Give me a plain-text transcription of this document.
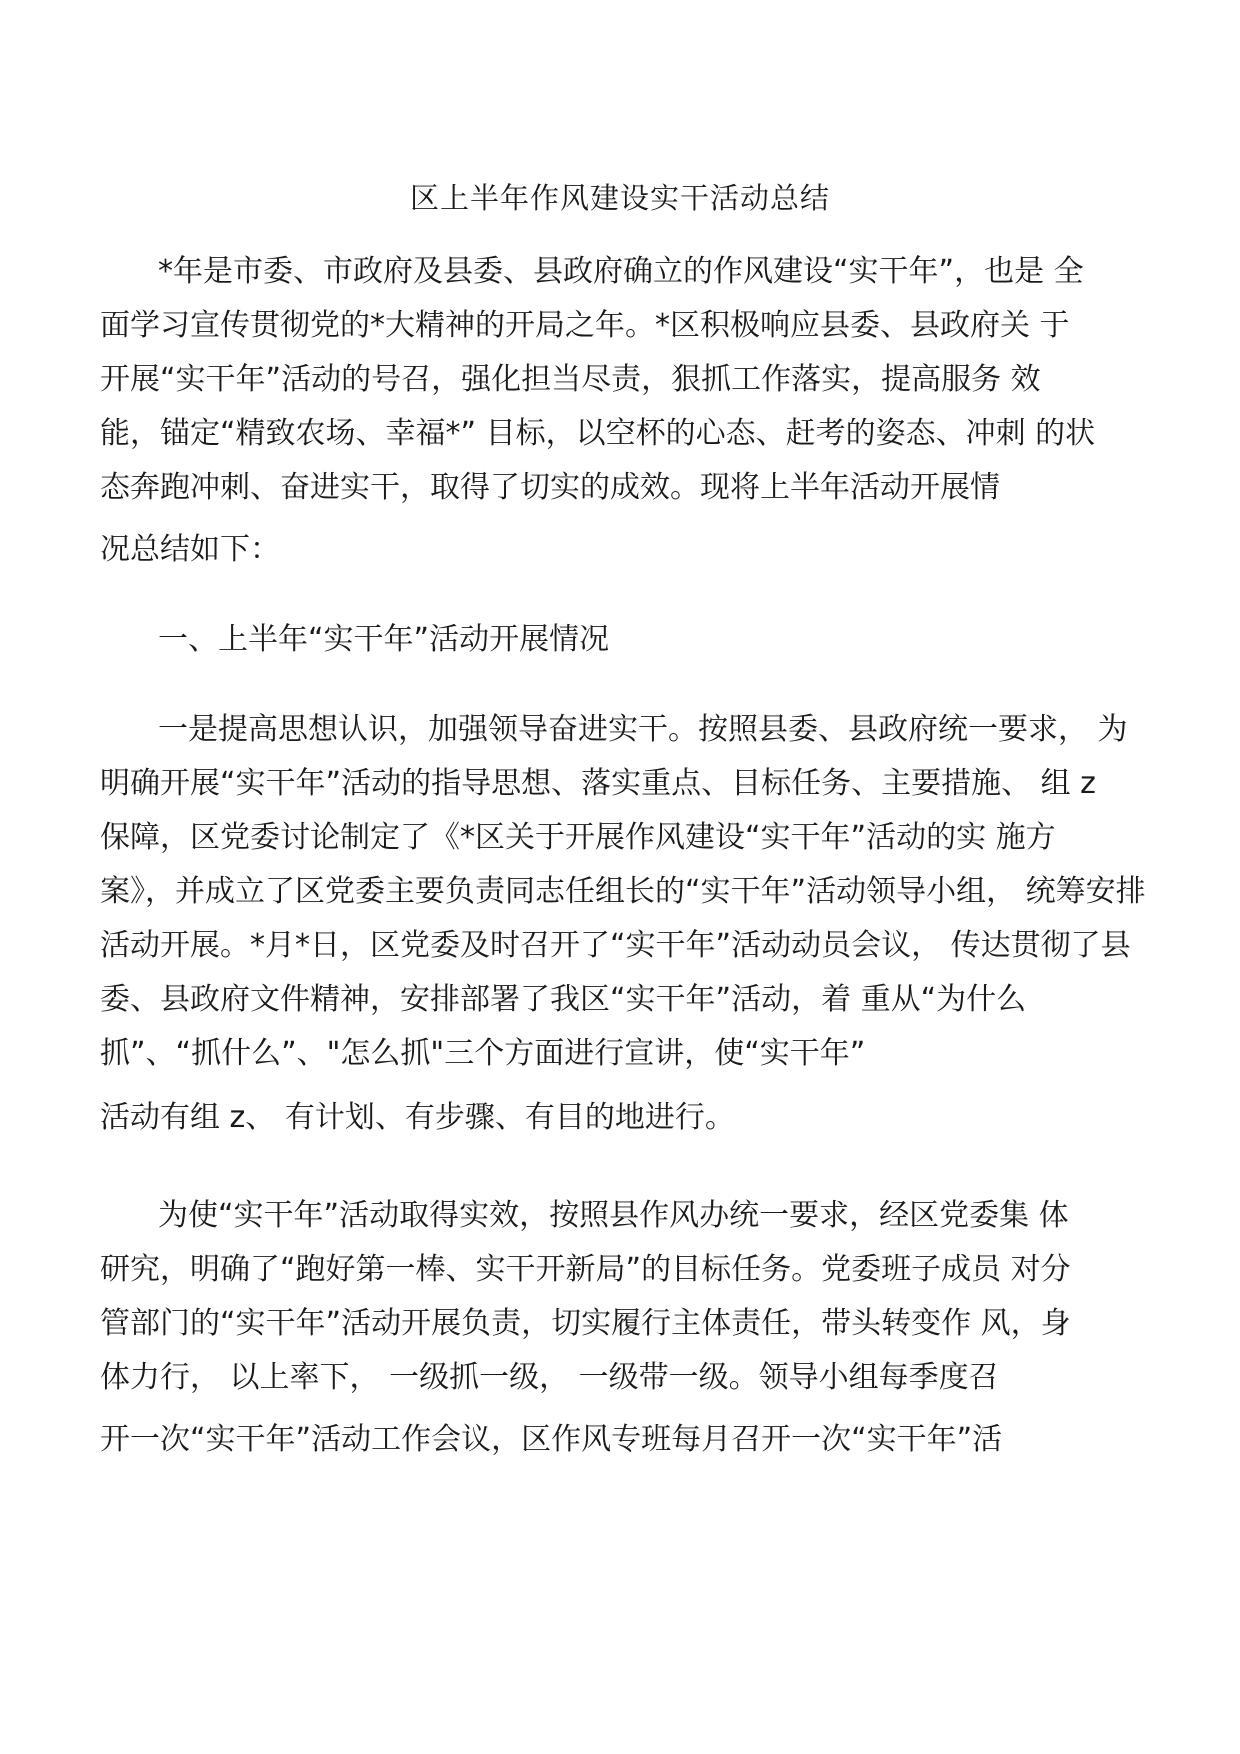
区上半年作风建设实干活动总结
*年是市委、市政府及县委、县政府确立的作风建设“实干年”，也是 全
面学习宣传贯彻党的*大精神的开局之年。*区积极响应县委、县政府关 于
开展“实干年”活动的号召，强化担当尽责，狠抓工作落实，提高服务 效
能，锚定“精致农场、幸福*” 目标，以空杯的心态、赶考的姿态、冲刺 的状
态奔跑冲刺、奋进实干，取得了切实的成效。现将上半年活动开展情
况总结如下：
一、上半年“实干年”活动开展情况
一是提高思想认识，加强领导奋进实干。按照县委、县政府统一要求， 为
明确开展“实干年”活动的指导思想、落实重点、目标任务、主要措施、 组 z
保障，区党委讨论制定了《*区关于开展作风建设“实干年”活动的实 施方
案》，并成立了区党委主要负责同志任组长的“实干年”活动领导小组， 统筹安排
活动开展。*月*日，区党委及时召开了“实干年”活动动员会议， 传达贯彻了县
委、县政府文件精神，安排部署了我区“实干年”活动，着 重从“为什么
抓”、“抓什么”、"怎么抓"三个方面进行宣讲，使“实干年”
活动有组 z、 有计划、有步骤、有目的地进行。
为使“实干年”活动取得实效，按照县作风办统一要求，经区党委集 体
研究，明确了“跑好第一棒、实干开新局”的目标任务。党委班子成员 对分
管部门的“实干年”活动开展负责，切实履行主体责任，带头转变作 风，身
体力行， 以上率下， 一级抓一级， 一级带一级。领导小组每季度召
开一次“实干年”活动工作会议，区作风专班每月召开一次“实干年”活
